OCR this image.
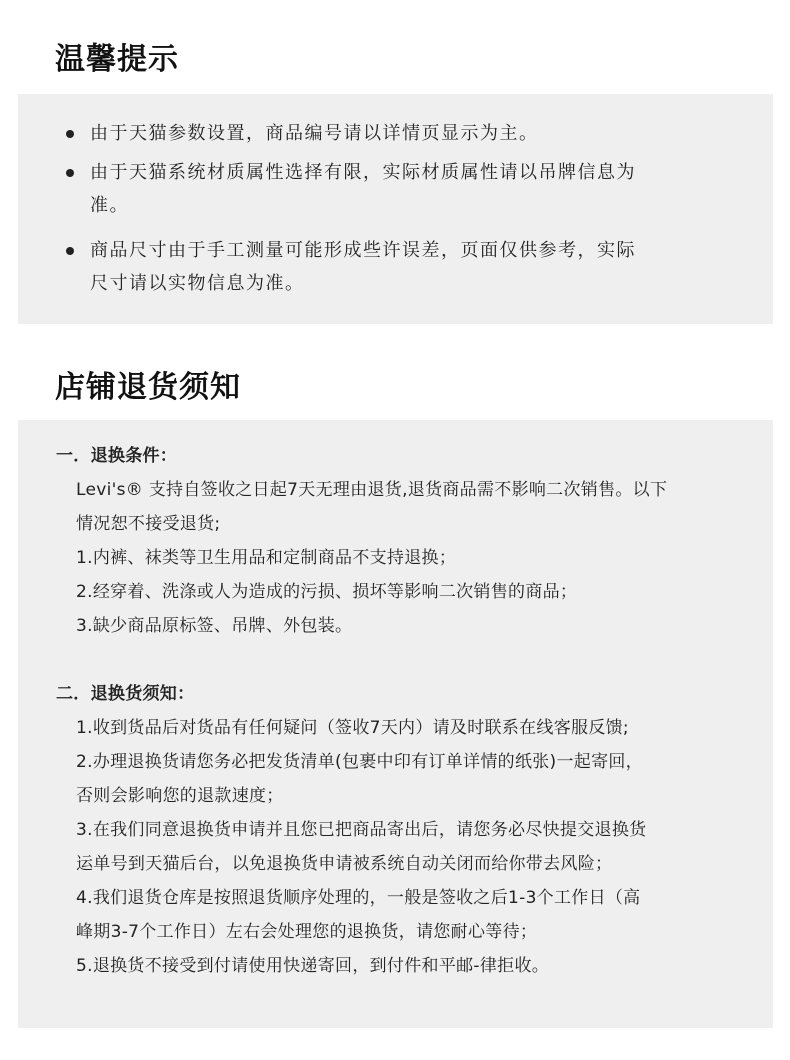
温馨提示
由于天猫参数设置，商品编号请以详情页显示为主。
由于天猫系统材质属性选择有限，实际材质属性请以吊牌信息为准。
商品尺寸由于手工测量可能形成些许误差，页面仅供参考，实际尺寸请以实物信息为准。
店铺退货须知
一．退换条件：
Levi's® 支持自签收之日起7天无理由退货,退货商品需不影响二次销售。以下
情况恕不接受退货;
1.内裤、袜类等卫生用品和定制商品不支持退换；
2.经穿着、洗涤或人为造成的污损、损坏等影响二次销售的商品；
3.缺少商品原标签、吊牌、外包装。
二．退换货须知：
1.收到货品后对货品有任何疑问（签收7天内）请及时联系在线客服反馈;
2.办理退换货请您务必把发货清单(包裹中印有订单详情的纸张)一起寄回，
否则会影响您的退款速度；
3.在我们同意退换货申请并且您已把商品寄出后，请您务必尽快提交退换货
运单号到天猫后台，以免退换货申请被系统自动关闭而给你带去风险；
4.我们退货仓库是按照退货顺序处理的，一般是签收之后1-3个工作日（高
峰期3-7个工作日）左右会处理您的退换货，请您耐心等待；
5.退换货不接受到付请使用快递寄回，到付件和平邮-律拒收。
